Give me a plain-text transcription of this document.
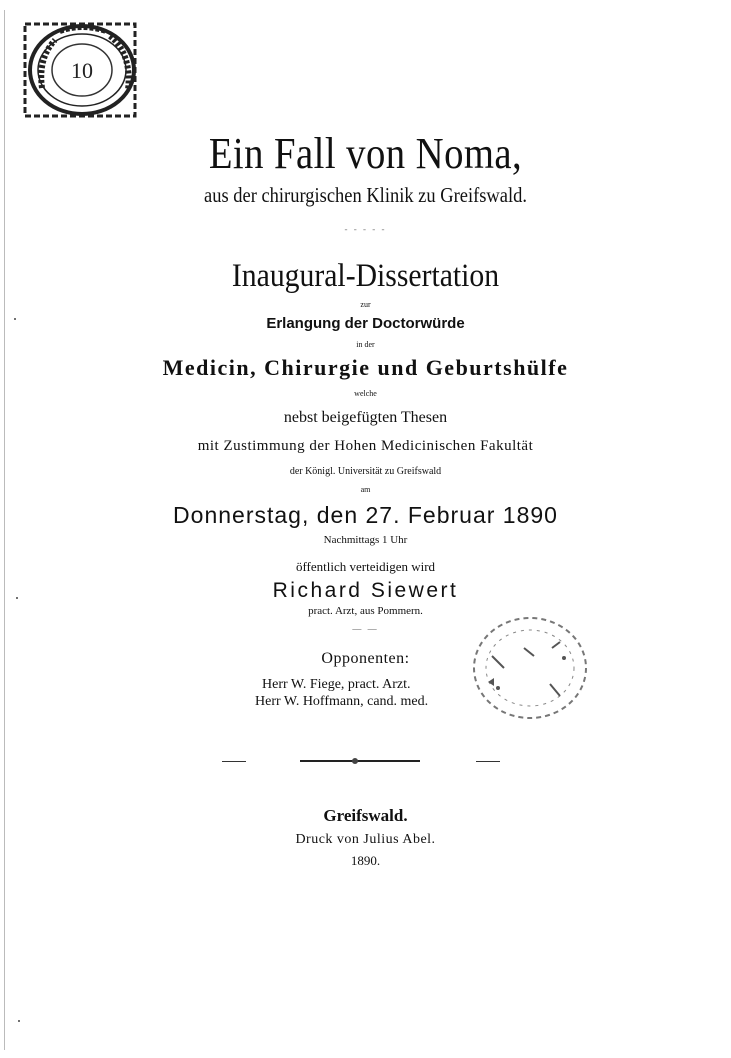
10
Ein Fall von Noma,
aus der chirurgischen Klinik zu Greifswald.
- - - - -
Inaugural-Dissertation
zur
Erlangung der Doctorwürde
in der
Medicin, Chirurgie und Geburtshülfe
welche
nebst beigefügten Thesen
mit Zustimmung der Hohen Medicinischen Fakultät
der Königl. Universität zu Greifswald
am
Donnerstag, den 27. Februar 1890
Nachmittags 1 Uhr
öffentlich verteidigen wird
Richard Siewert
pract. Arzt, aus Pommern.
— —
Opponenten:
Herr W. Fiege, pract. Arzt.
Herr W. Hoffmann, cand. med.
Greifswald.
Druck von Julius Abel.
1890.
